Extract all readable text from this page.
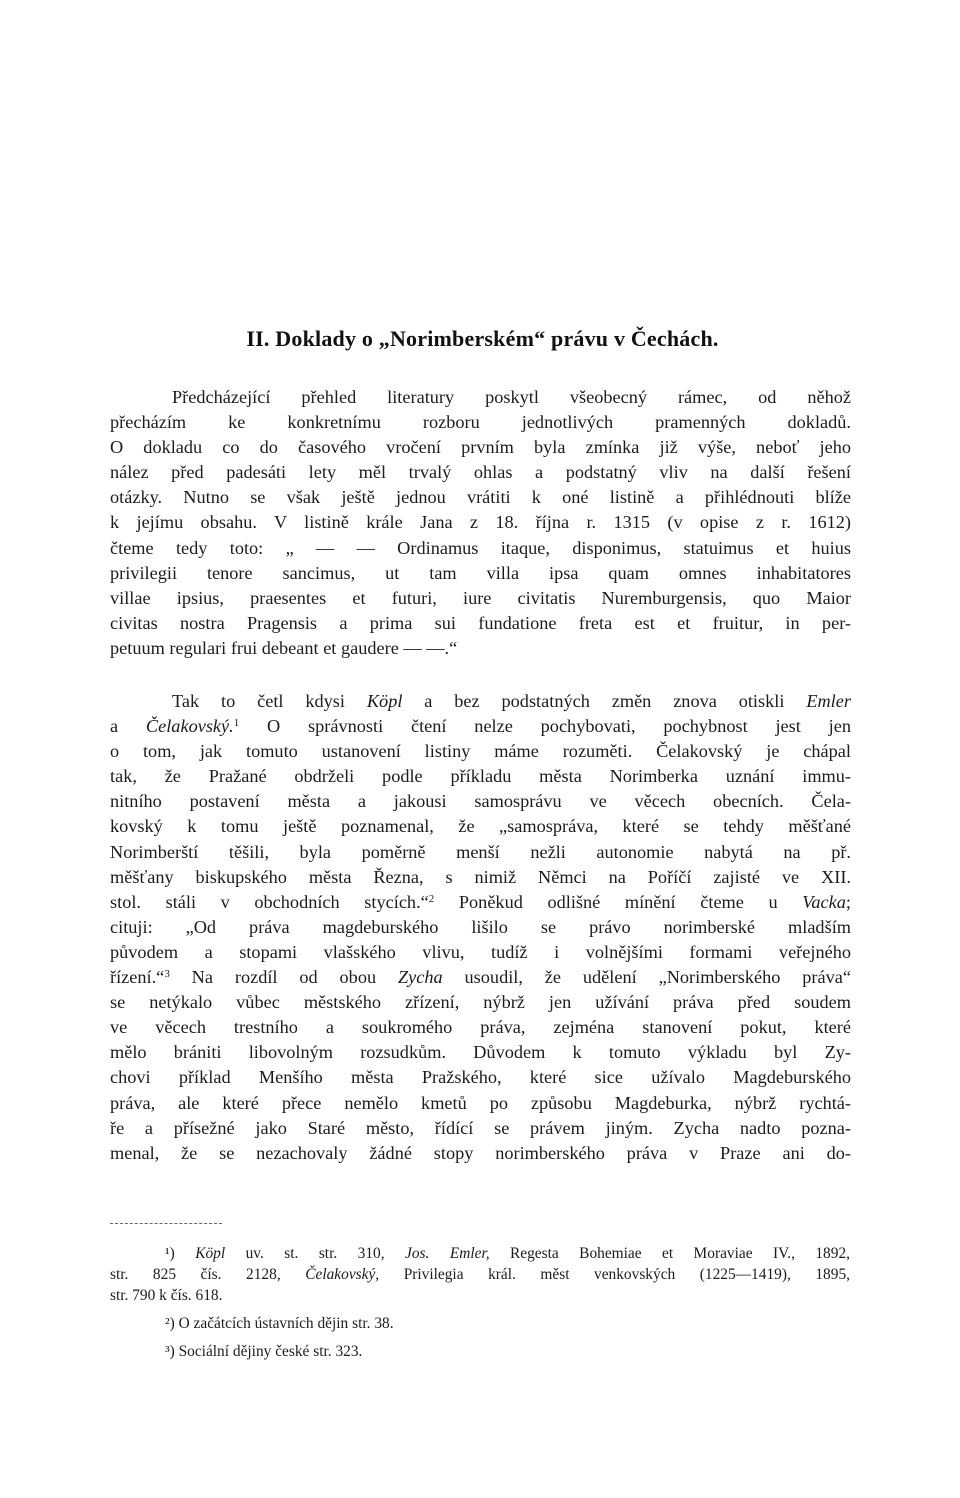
II. Doklady o „Norimberském“ právu v Čechách.
Předcházející přehled literatury poskytl všeobecný rámec, od něhož
přecházím ke konkretnímu rozboru jednotlivých pramenných dokladů.
O dokladu co do časového vročení prvním byla zmínka již výše, neboť jeho
nález před padesáti lety měl trvalý ohlas a podstatný vliv na další řešení
otázky. Nutno se však ještě jednou vrátiti k oné listině a přihlédnouti blíže
k jejímu obsahu. V listině krále Jana z 18. října r. 1315 (v opise z r. 1612)
čteme tedy toto: „ — — Ordinamus itaque, disponimus, statuimus et huius
privilegii tenore sancimus, ut tam villa ipsa quam omnes inhabitatores
villae ipsius, praesentes et futuri, iure civitatis Nuremburgensis, quo Maior
civitas nostra Pragensis a prima sui fundatione freta est et fruitur, in per-
petuum regulari frui debeant et gaudere — —.“
Tak to četl kdysi Köpl a bez podstatných změn znova otiskli Emler
a Čelakovský.$^1$ O správnosti čtení nelze pochybovati, pochybnost jest jen
o tom, jak tomuto ustanovení listiny máme rozuměti. Čelakovský je chápal
tak, že Pražané obdrželi podle příkladu města Norimberka uznání immu-
nitního postavení města a jakousi samosprávu ve věcech obecních. Čela-
kovský k tomu ještě poznamenal, že „samospráva, které se tehdy měšťané
Norimberští těšili, byla poměrně menší nežli autonomie nabytá na př.
měšťany biskupského města Řezna, s nimiž Němci na Poříčí zajisté ve XII.
stol. stáli v obchodních stycích.“$^2$ Poněkud odlišné mínění čteme u Vacka;
cituji: „Od práva magdeburského lišilo se právo norimberské mladším
původem a stopami vlašského vlivu, tudíž i volnějšími formami veřejného
řízení.“$^3$ Na rozdíl od obou Zycha usoudil, že udělení „Norimberského práva“
se netýkalo vůbec městského zřízení, nýbrž jen užívání práva před soudem
ve věcech trestního a soukromého práva, zejména stanovení pokut, které
mělo brániti libovolným rozsudkům. Důvodem k tomuto výkladu byl Zy-
chovi příklad Menšího města Pražského, které sice užívalo Magdeburského
práva, ale které přece nemělo kmetů po způsobu Magdeburka, nýbrž rychtá-
ře a přísežné jako Staré město, řídící se právem jiným. Zycha nadto pozna-
menal, že se nezachovaly žádné stopy norimberského práva v Praze ani do-
¹) Köpl uv. st. str. 310, Jos. Emler, Regesta Bohemiae et Moraviae IV., 1892,
str. 825 čís. 2128, Čelakovský, Privilegia král. měst venkovských (1225—1419), 1895,
str. 790 k čís. 618.
²) O začátcích ústavních dějin str. 38.
³) Sociální dějiny české str. 323.
